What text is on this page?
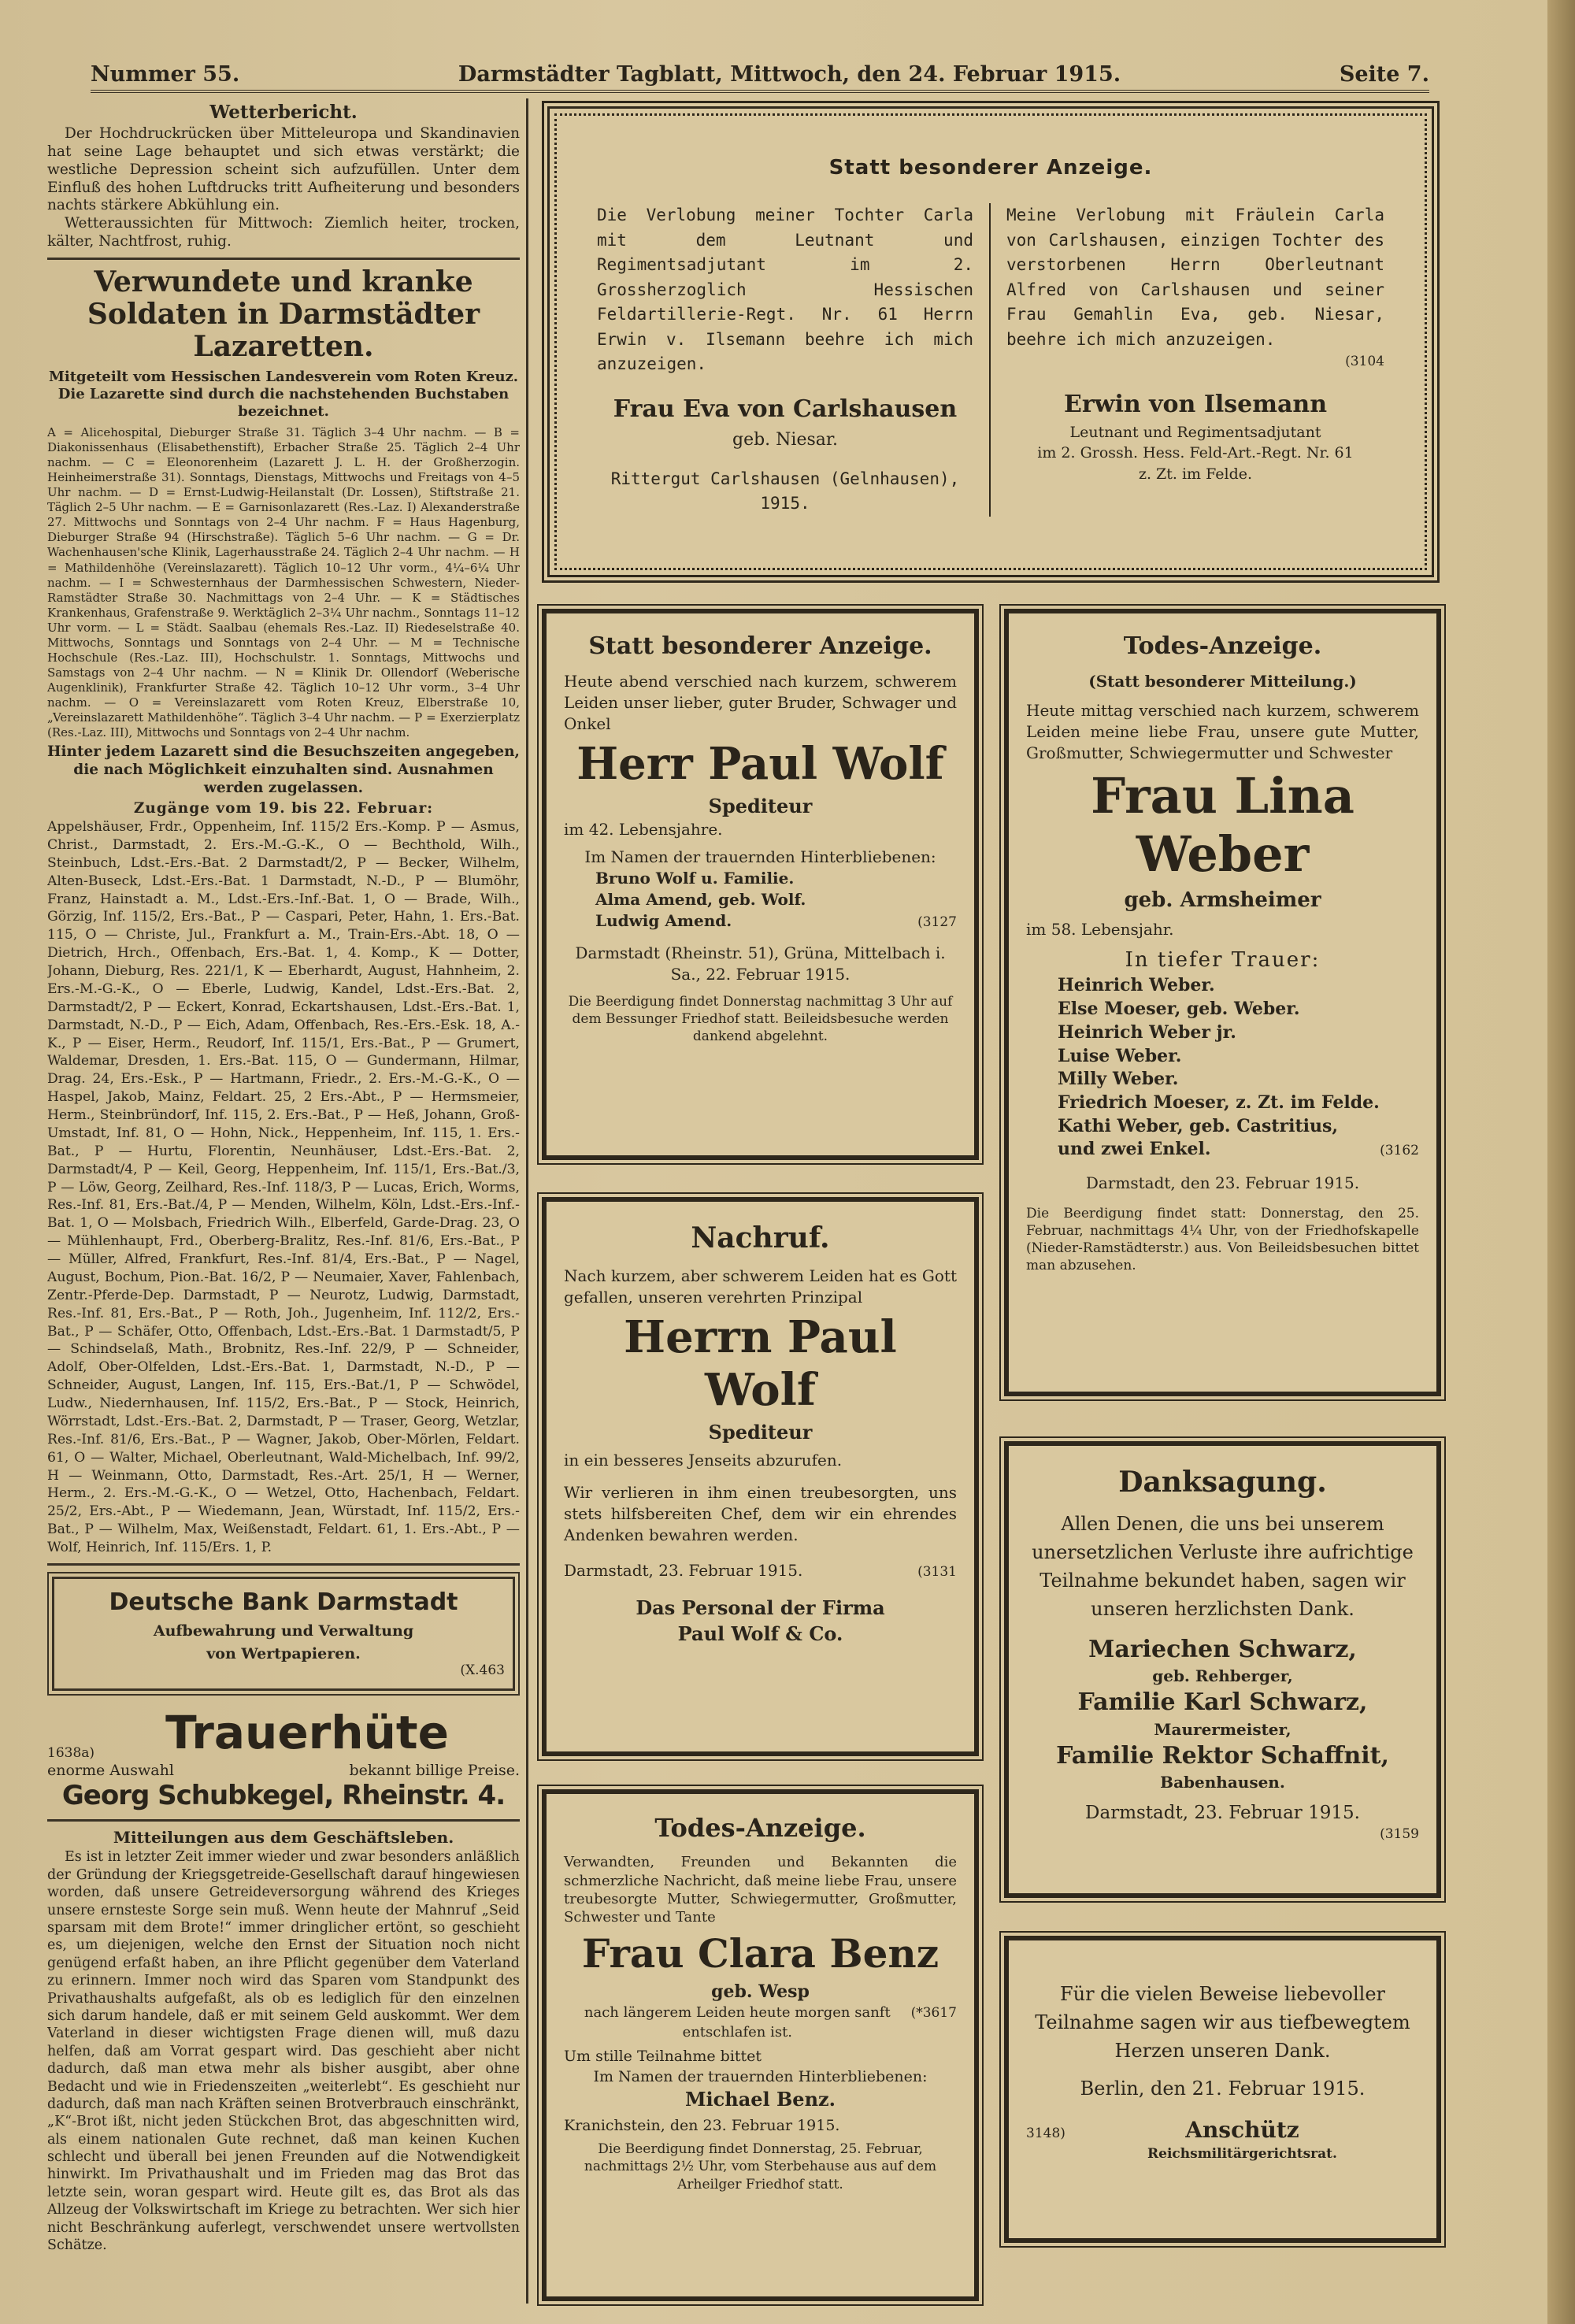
Nummer 55.	Darmstädter Tagblatt, Mittwoch, den 24. Februar 1915.	Seite 7.
Wetterbericht.

Der Hochdruckrücken über Mitteleuropa und Skandinavien hat seine Lage behauptet und sich etwas verstärkt; die westliche Depression scheint sich aufzufüllen. Unter dem Einfluß des hohen Luftdrucks tritt Aufheiterung und besonders nachts stärkere Abkühlung ein.

Wetteraussichten für Mittwoch: Ziemlich heiter, trocken, kälter, Nachtfrost, ruhig.

Verwundete und kranke Soldaten in Darmstädter Lazaretten.
Mitgeteilt vom Hessischen Landesverein vom Roten Kreuz. Die Lazarette sind durch die nachstehenden Buchstaben bezeichnet.
A = Alicehospital, Dieburger Straße 31. Täglich 3–4 Uhr nachm. — B = Diakonissenhaus (Elisabethenstift), Erbacher Straße 25. Täglich 2–4 Uhr nachm. — C = Eleonorenheim (Lazarett J. L. H. der Großherzogin. Heinheimerstraße 31). Sonntags, Dienstags, Mittwochs und Freitags von 4–5 Uhr nachm. — D = Ernst-Ludwig-Heilanstalt (Dr. Lossen), Stiftstraße 21. Täglich 2–5 Uhr nachm. — E = Garnisonlazarett (Res.-Laz. I) Alexanderstraße 27. Mittwochs und Sonntags von 2–4 Uhr nachm. F = Haus Hagenburg, Dieburger Straße 94 (Hirschstraße). Täglich 5–6 Uhr nachm. — G = Dr. Wachenhausen'sche Klinik, Lagerhausstraße 24. Täglich 2–4 Uhr nachm. — H = Mathildenhöhe (Vereinslazarett). Täglich 10–12 Uhr vorm., 4¼–6¼ Uhr nachm. — I = Schwesternhaus der Darmhessischen Schwestern, Nieder-Ramstädter Straße 30. Nachmittags von 2–4 Uhr. — K = Städtisches Krankenhaus, Grafenstraße 9. Werktäglich 2–3¼ Uhr nachm., Sonntags 11–12 Uhr vorm. — L = Städt. Saalbau (ehemals Res.-Laz. II) Riedeselstraße 40. Mittwochs, Sonntags und Sonntags von 2–4 Uhr. — M = Technische Hochschule (Res.-Laz. III), Hochschulstr. 1. Sonntags, Mittwochs und Samstags von 2–4 Uhr nachm. — N = Klinik Dr. Ollendorf (Weberische Augenklinik), Frankfurter Straße 42. Täglich 10–12 Uhr vorm., 3–4 Uhr nachm. — O = Vereinslazarett vom Roten Kreuz, Elberstraße 10, „Vereinslazarett Mathildenhöhe“. Täglich 3–4 Uhr nachm. — P = Exerzierplatz (Res.-Laz. III), Mittwochs und Sonntags von 2–4 Uhr nachm.
Hinter jedem Lazarett sind die Besuchszeiten angegeben, die nach Möglichkeit einzuhalten sind. Ausnahmen werden zugelassen.
Zugänge vom 19. bis 22. Februar:
Appelshäuser, Frdr., Oppenheim, Inf. 115/2 Ers.-Komp. P — Asmus, Christ., Darmstadt, 2. Ers.-M.-G.-K., O — Bechthold, Wilh., Steinbuch, Ldst.-Ers.-Bat. 2 Darmstadt/2, P — Becker, Wilhelm, Alten-Buseck, Ldst.-Ers.-Bat. 1 Darmstadt, N.-D., P — Blumöhr, Franz, Hainstadt a. M., Ldst.-Ers.-Inf.-Bat. 1, O — Brade, Wilh., Görzig, Inf. 115/2, Ers.-Bat., P — Caspari, Peter, Hahn, 1. Ers.-Bat. 115, O — Christe, Jul., Frankfurt a. M., Train-Ers.-Abt. 18, O — Dietrich, Hrch., Offenbach, Ers.-Bat. 1, 4. Komp., K — Dotter, Johann, Dieburg, Res. 221/1, K — Eberhardt, August, Hahnheim, 2. Ers.-M.-G.-K., O — Eberle, Ludwig, Kandel, Ldst.-Ers.-Bat. 2, Darmstadt/2, P — Eckert, Konrad, Eckartshausen, Ldst.-Ers.-Bat. 1, Darmstadt, N.-D., P — Eich, Adam, Offenbach, Res.-Ers.-Esk. 18, A.-K., P — Eiser, Herm., Reudorf, Inf. 115/1, Ers.-Bat., P — Grumert, Waldemar, Dresden, 1. Ers.-Bat. 115, O — Gundermann, Hilmar, Drag. 24, Ers.-Esk., P — Hartmann, Friedr., 2. Ers.-M.-G.-K., O — Haspel, Jakob, Mainz, Feldart. 25, 2 Ers.-Abt., P — Hermsmeier, Herm., Steinbründorf, Inf. 115, 2. Ers.-Bat., P — Heß, Johann, Groß-Umstadt, Inf. 81, O — Hohn, Nick., Heppenheim, Inf. 115, 1. Ers.-Bat., P — Hurtu, Florentin, Neunhäuser, Ldst.-Ers.-Bat. 2, Darmstadt/4, P — Keil, Georg, Heppenheim, Inf. 115/1, Ers.-Bat./3, P — Löw, Georg, Zeilhard, Res.-Inf. 118/3, P — Lucas, Erich, Worms, Res.-Inf. 81, Ers.-Bat./4, P — Menden, Wilhelm, Köln, Ldst.-Ers.-Inf.-Bat. 1, O — Molsbach, Friedrich Wilh., Elberfeld, Garde-Drag. 23, O — Mühlenhaupt, Frd., Oberberg-Bralitz, Res.-Inf. 81/6, Ers.-Bat., P — Müller, Alfred, Frankfurt, Res.-Inf. 81/4, Ers.-Bat., P — Nagel, August, Bochum, Pion.-Bat. 16/2, P — Neumaier, Xaver, Fahlenbach, Zentr.-Pferde-Dep. Darmstadt, P — Neurotz, Ludwig, Darmstadt, Res.-Inf. 81, Ers.-Bat., P — Roth, Joh., Jugenheim, Inf. 112/2, Ers.-Bat., P — Schäfer, Otto, Offenbach, Ldst.-Ers.-Bat. 1 Darmstadt/5, P — Schindselaß, Math., Brobnitz, Res.-Inf. 22/9, P — Schneider, Adolf, Ober-Olfelden, Ldst.-Ers.-Bat. 1, Darmstadt, N.-D., P — Schneider, August, Langen, Inf. 115, Ers.-Bat./1, P — Schwödel, Ludw., Niedernhausen, Inf. 115/2, Ers.-Bat., P — Stock, Heinrich, Wörrstadt, Ldst.-Ers.-Bat. 2, Darmstadt, P — Traser, Georg, Wetzlar, Res.-Inf. 81/6, Ers.-Bat., P — Wagner, Jakob, Ober-Mörlen, Feldart. 61, O — Walter, Michael, Oberleutnant, Wald-Michelbach, Inf. 99/2, H — Weinmann, Otto, Darmstadt, Res.-Art. 25/1, H — Werner, Herm., 2. Ers.-M.-G.-K., O — Wetzel, Otto, Hachenbach, Feldart. 25/2, Ers.-Abt., P — Wiedemann, Jean, Würstadt, Inf. 115/2, Ers.-Bat., P — Wilhelm, Max, Weißenstadt, Feldart. 61, 1. Ers.-Abt., P — Wolf, Heinrich, Inf. 115/Ers. 1, P.
Deutsche Bank Darmstadt
Aufbewahrung und Verwaltung
von Wertpapieren.
(X.463
1638a)	Trauerhüte
enorme Auswahl	bekannt billige Preise.
Georg Schubkegel, Rheinstr. 4.
Mitteilungen aus dem Geschäftsleben.

Es ist in letzter Zeit immer wieder und zwar besonders anläßlich der Gründung der Kriegsgetreide-Gesellschaft darauf hingewiesen worden, daß unsere Getreideversorgung während des Krieges unsere ernsteste Sorge sein muß. Wenn heute der Mahnruf „Seid sparsam mit dem Brote!“ immer dringlicher ertönt, so geschieht es, um diejenigen, welche den Ernst der Situation noch nicht genügend erfaßt haben, an ihre Pflicht gegenüber dem Vaterland zu erinnern. Immer noch wird das Sparen vom Standpunkt des Privathaushalts aufgefaßt, als ob es lediglich für den einzelnen sich darum handele, daß er mit seinem Geld auskommt. Wer dem Vaterland in dieser wichtigsten Frage dienen will, muß dazu helfen, daß am Vorrat gespart wird. Das geschieht aber nicht dadurch, daß man etwa mehr als bisher ausgibt, aber ohne Bedacht und wie in Friedenszeiten „weiterlebt“. Es geschieht nur dadurch, daß man nach Kräften seinen Brotverbrauch einschränkt, „K“-Brot ißt, nicht jeden Stückchen Brot, das abgeschnitten wird, als einem nationalen Gute rechnet, daß man keinen Kuchen schlecht und überall bei jenen Freunden auf die Notwendigkeit hinwirkt. Im Privathaushalt und im Frieden mag das Brot das letzte sein, woran gespart wird. Heute gilt es, das Brot als das Allzeug der Volkswirtschaft im Kriege zu betrachten. Wer sich hier nicht Beschränkung auferlegt, verschwendet unsere wertvollsten Schätze.

Statt besonderer Anzeige.
Die Verlobung meiner Tochter Carla mit dem Leutnant und Regimentsadjutant im 2. Grossherzoglich Hessischen Feldartillerie-Regt. Nr. 61 Herrn Erwin v. Ilsemann beehre ich mich anzuzeigen.
Frau Eva von Carlshausen
geb. Niesar.
Rittergut Carlshausen (Gelnhausen), 1915.
Meine Verlobung mit Fräulein Carla von Carlshausen, einzigen Tochter des verstorbenen Herrn Oberleutnant Alfred von Carlshausen und seiner Frau Gemahlin Eva, geb. Niesar, beehre ich mich anzuzeigen.
(3104
Erwin von Ilsemann
Leutnant und Regimentsadjutant
im 2. Grossh. Hess. Feld-Art.-Regt. Nr. 61
z. Zt. im Felde.
Statt besonderer Anzeige.
Heute abend verschied nach kurzem, schwerem Leiden unser lieber, guter Bruder, Schwager und Onkel
Herr Paul Wolf
Spediteur
im 42. Lebensjahre.
Im Namen der trauernden Hinterbliebenen:
Bruno Wolf u. Familie.
Alma Amend, geb. Wolf.
Ludwig Amend.	(3127
Darmstadt (Rheinstr. 51), Grüna, Mittelbach i. Sa., 22. Februar 1915.
Die Beerdigung findet Donnerstag nachmittag 3 Uhr auf dem Bessunger Friedhof statt. Beileidsbesuche werden dankend abgelehnt.
Todes-Anzeige.
(Statt besonderer Mitteilung.)
Heute mittag verschied nach kurzem, schwerem Leiden meine liebe Frau, unsere gute Mutter, Großmutter, Schwiegermutter und Schwester
Frau Lina Weber
geb. Armsheimer
im 58. Lebensjahr.
In tiefer Trauer:
Heinrich Weber.
Else Moeser, geb. Weber.
Heinrich Weber jr.
Luise Weber.
Milly Weber.
Friedrich Moeser, z. Zt. im Felde.
Kathi Weber, geb. Castritius,
und zwei Enkel.	(3162
Darmstadt, den 23. Februar 1915.
Die Beerdigung findet statt: Donnerstag, den 25. Februar, nachmittags 4¼ Uhr, von der Friedhofskapelle (Nieder-Ramstädterstr.) aus. Von Beileidsbesuchen bittet man abzusehen.
Nachruf.
Nach kurzem, aber schwerem Leiden hat es Gott gefallen, unseren verehrten Prinzipal
Herrn Paul Wolf
Spediteur
in ein besseres Jenseits abzurufen.
Wir verlieren in ihm einen treubesorgten, uns stets hilfsbereiten Chef, dem wir ein ehrendes Andenken bewahren werden.
Darmstadt, 23. Februar 1915.	(3131
Das Personal der Firma
Paul Wolf & Co.
Danksagung.
Allen Denen, die uns bei unserem unersetzlichen Verluste ihre aufrichtige Teilnahme bekundet haben, sagen wir unseren herzlichsten Dank.
Mariechen Schwarz,
geb. Rehberger,
Familie Karl Schwarz,
Maurermeister,
Familie Rektor Schaffnit,
Babenhausen.
Darmstadt, 23. Februar 1915.
(3159
Todes-Anzeige.
Verwandten, Freunden und Bekannten die schmerzliche Nachricht, daß meine liebe Frau, unsere treubesorgte Mutter, Schwiegermutter, Großmutter, Schwester und Tante
Frau Clara Benz
geb. Wesp
nach längerem Leiden heute morgen sanft entschlafen ist.
(*3617
Um stille Teilnahme bittet
Im Namen der trauernden Hinterbliebenen:
Michael Benz.
Kranichstein, den 23. Februar 1915.
Die Beerdigung findet Donnerstag, 25. Februar, nachmittags 2½ Uhr, vom Sterbehause aus auf dem Arheilger Friedhof statt.
Für die vielen Beweise liebevoller Teilnahme sagen wir aus tiefbewegtem Herzen unseren Dank.
Berlin, den 21. Februar 1915.
3148)	Anschütz
Reichsmilitärgerichtsrat.
